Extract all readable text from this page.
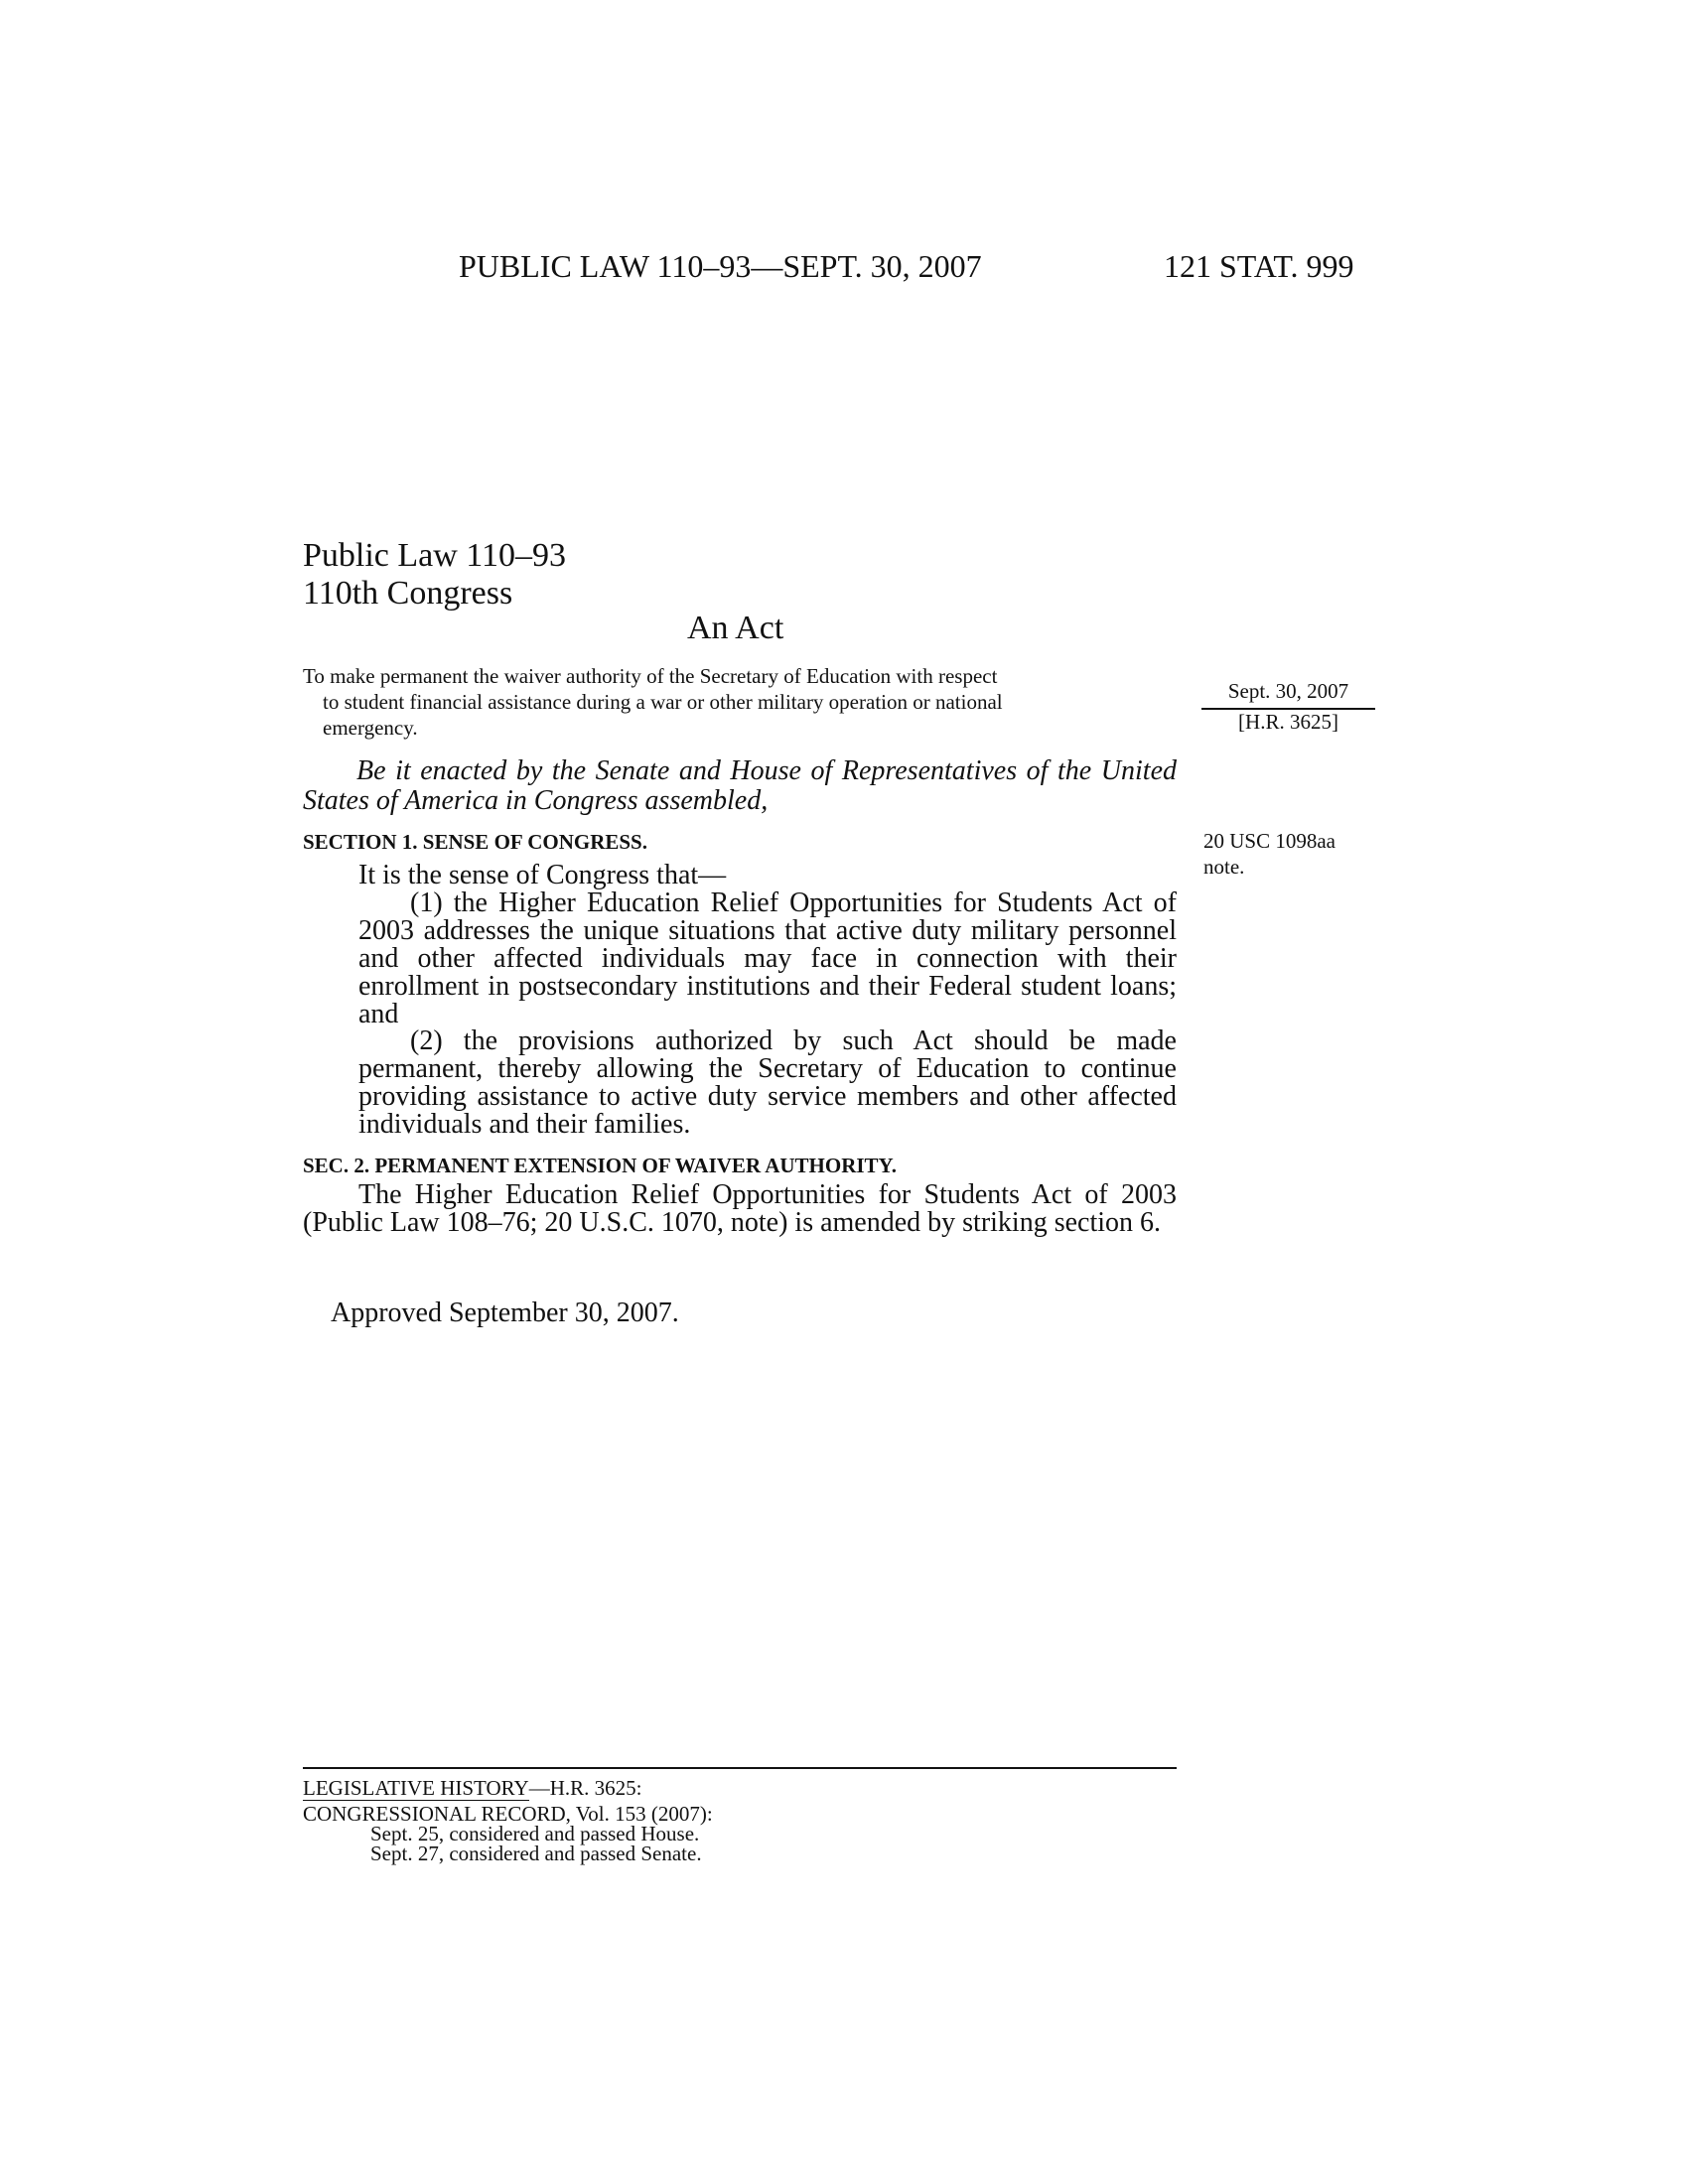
PUBLIC LAW 110–93—SEPT. 30, 2007	121 STAT. 999
Public Law 110–93
110th Congress
An Act

To make permanent the waiver authority of the Secretary of Education with respect

to student financial assistance during a war or other military operation or national

emergency.

Sept. 30, 2007
[H.R. 3625]
Be it enacted by the Senate and House of Representatives of the United States of America in Congress assembled,
SECTION 1. SENSE OF CONGRESS.	20 USC 1098aa
note.

It is the sense of Congress that—

(1) the Higher Education Relief Opportunities for Students Act of 2003 addresses the unique situations that active duty military personnel and other affected individuals may face in connection with their enrollment in postsecondary institutions and their Federal student loans; and

(2) the provisions authorized by such Act should be made permanent, thereby allowing the Secretary of Education to continue providing assistance to active duty service members and other affected individuals and their families.

SEC. 2. PERMANENT EXTENSION OF WAIVER AUTHORITY.

The Higher Education Relief Opportunities for Students Act of 2003 (Public Law 108–76; 20 U.S.C. 1070, note) is amended by striking section 6.

Approved September 30, 2007.
LEGISLATIVE HISTORY—H.R. 3625:
CONGRESSIONAL RECORD, Vol. 153 (2007):
Sept. 25, considered and passed House.
Sept. 27, considered and passed Senate.
